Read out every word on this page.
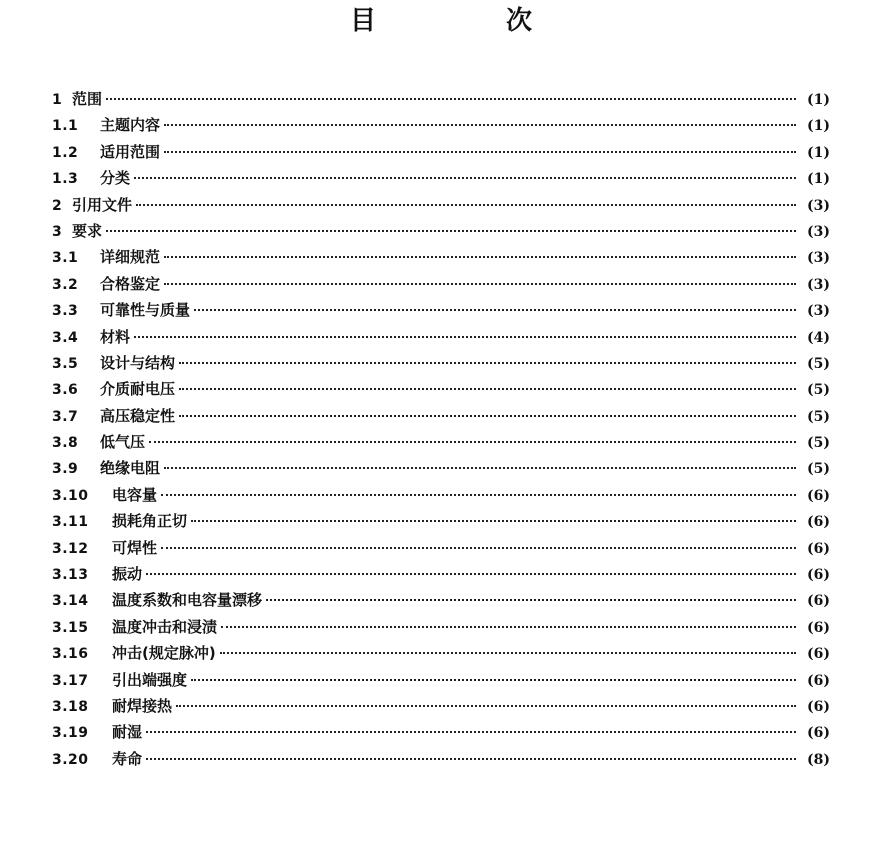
目　次
1 范围	(1)
1.1	主题内容	(1)
1.2	适用范围	(1)
1.3	分类	(1)
2 引用文件	(3)
3 要求	(3)
3.1	详细规范	(3)
3.2	合格鉴定	(3)
3.3	可靠性与质量	(3)
3.4	材料	(4)
3.5	设计与结构	(5)
3.6	介质耐电压	(5)
3.7	高压稳定性	(5)
3.8	低气压	(5)
3.9	绝缘电阻	(5)
3.10	电容量	(6)
3.11	损耗角正切	(6)
3.12	可焊性	(6)
3.13	振动	(6)
3.14	温度系数和电容量漂移	(6)
3.15	温度冲击和浸渍	(6)
3.16	冲击(规定脉冲)	(6)
3.17	引出端强度	(6)
3.18	耐焊接热	(6)
3.19	耐湿	(6)
3.20	寿命	(8)
